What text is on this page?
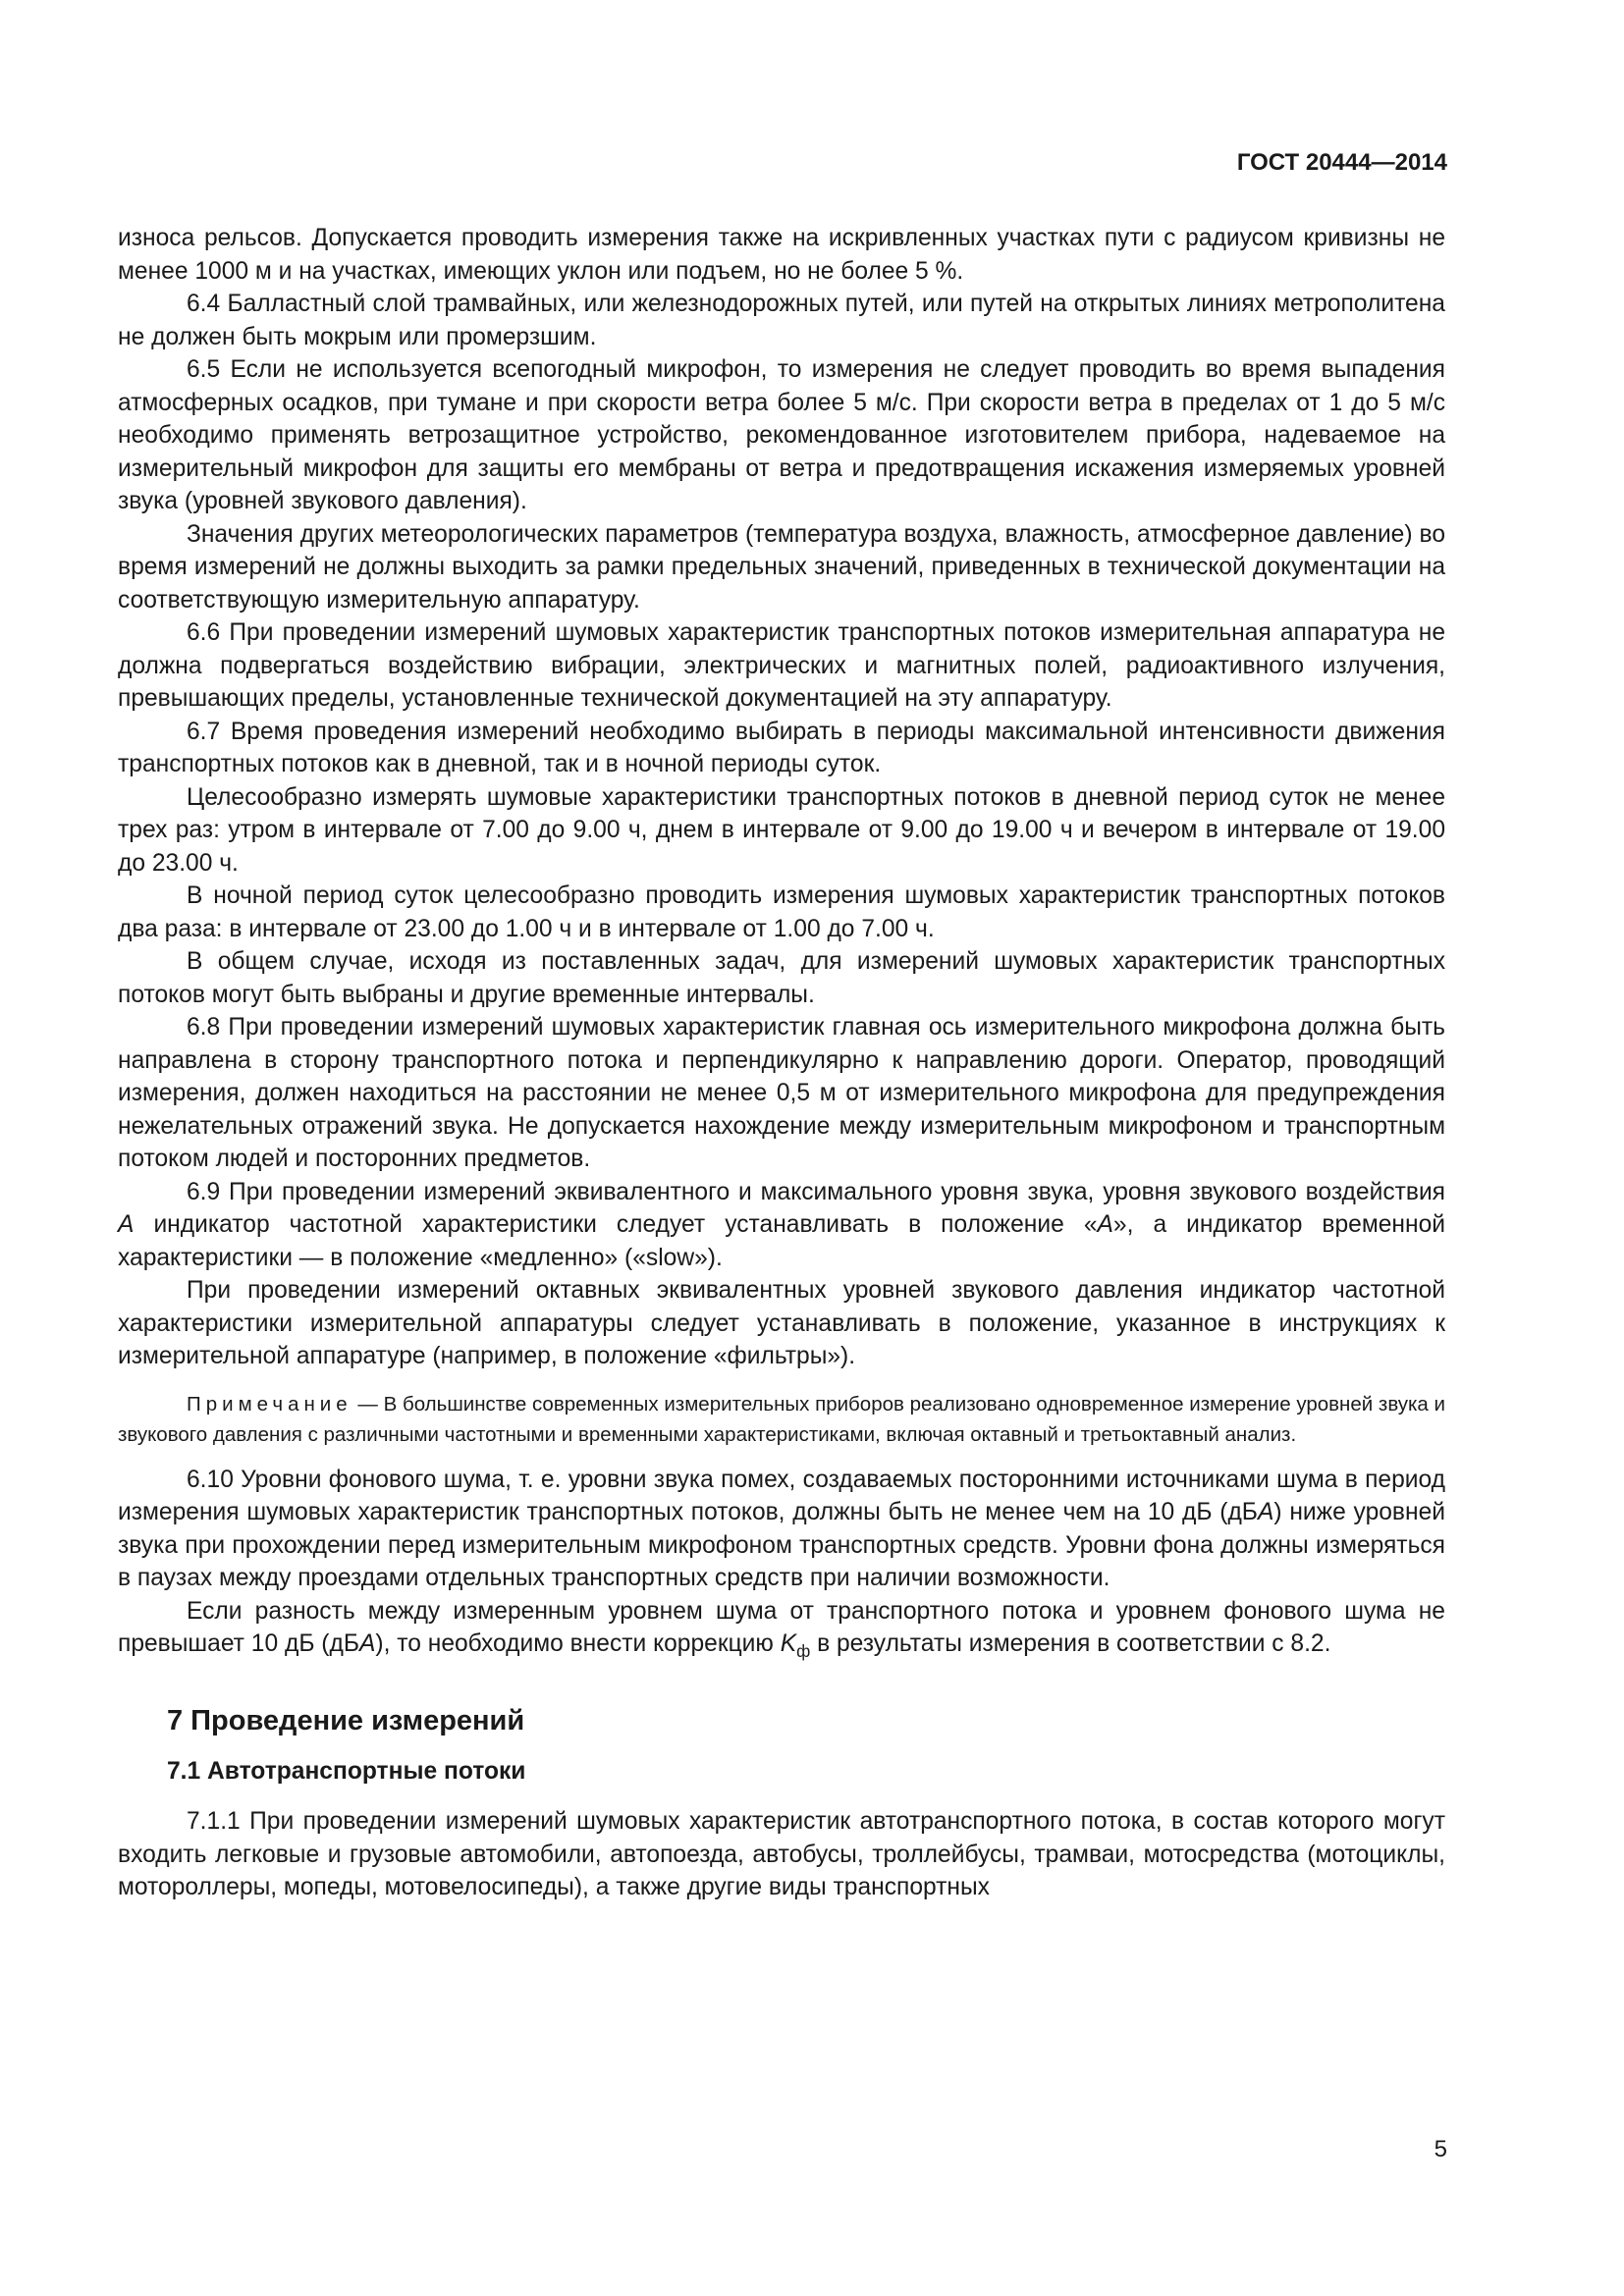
ГОСТ 20444—2014

износа рельсов. Допускается проводить измерения также на искривленных участках пути с радиусом кривизны не менее 1000 м и на участках, имеющих уклон или подъем, но не более 5 %.

6.4 Балластный слой трамвайных, или железнодорожных путей, или путей на открытых линиях метрополитена не должен быть мокрым или промерзшим.

6.5 Если не используется всепогодный микрофон, то измерения не следует проводить во время выпадения атмосферных осадков, при тумане и при скорости ветра более 5 м/с. При скорости ветра в пределах от 1 до 5 м/с необходимо применять ветрозащитное устройство, рекомендованное изготовителем прибора, надеваемое на измерительный микрофон для защиты его мембраны от ветра и предотвращения искажения измеряемых уровней звука (уровней звукового давления).

Значения других метеорологических параметров (температура воздуха, влажность, атмосферное давление) во время измерений не должны выходить за рамки предельных значений, приведенных в технической документации на соответствующую измерительную аппаратуру.

6.6 При проведении измерений шумовых характеристик транспортных потоков измерительная аппаратура не должна подвергаться воздействию вибрации, электрических и магнитных полей, радиоактивного излучения, превышающих пределы, установленные технической документацией на эту аппаратуру.

6.7 Время проведения измерений необходимо выбирать в периоды максимальной интенсивности движения транспортных потоков как в дневной, так и в ночной периоды суток.

Целесообразно измерять шумовые характеристики транспортных потоков в дневной период суток не менее трех раз: утром в интервале от 7.00 до 9.00 ч, днем в интервале от 9.00 до 19.00 ч и вечером в интервале от 19.00 до 23.00 ч.

В ночной период суток целесообразно проводить измерения шумовых характеристик транспортных потоков два раза: в интервале от 23.00 до 1.00 ч и в интервале от 1.00 до 7.00 ч.

В общем случае, исходя из поставленных задач, для измерений шумовых характеристик транспортных потоков могут быть выбраны и другие временные интервалы.

6.8 При проведении измерений шумовых характеристик главная ось измерительного микрофона должна быть направлена в сторону транспортного потока и перпендикулярно к направлению дороги. Оператор, проводящий измерения, должен находиться на расстоянии не менее 0,5 м от измерительного микрофона для предупреждения нежелательных отражений звука. Не допускается нахождение между измерительным микрофоном и транспортным потоком людей и посторонних предметов.

6.9 При проведении измерений эквивалентного и максимального уровня звука, уровня звукового воздействия А индикатор частотной характеристики следует устанавливать в положение «А», а индикатор временной характеристики — в положение «медленно» («slow»).

При проведении измерений октавных эквивалентных уровней звукового давления индикатор частотной характеристики измерительной аппаратуры следует устанавливать в положение, указанное в инструкциях к измерительной аппаратуре (например, в положение «фильтры»).

Примечание — В большинстве современных измерительных приборов реализовано одновременное измерение уровней звука и звукового давления с различными частотными и временными характеристиками, включая октавный и третьоктавный анализ.

6.10 Уровни фонового шума, т. е. уровни звука помех, создаваемых посторонними источниками шума в период измерения шумовых характеристик транспортных потоков, должны быть не менее чем на 10 дБ (дБА) ниже уровней звука при прохождении перед измерительным микрофоном транспортных средств. Уровни фона должны измеряться в паузах между проездами отдельных транспортных средств при наличии возможности.

Если разность между измеренным уровнем шума от транспортного потока и уровнем фонового шума не превышает 10 дБ (дБА), то необходимо внести коррекцию $K_ф$ в результаты измерения в соответствии с 8.2.

7 Проведение измерений
7.1 Автотранспортные потоки

7.1.1 При проведении измерений шумовых характеристик автотранспортного потока, в состав которого могут входить легковые и грузовые автомобили, автопоезда, автобусы, троллейбусы, трамваи, мотосредства (мотоциклы, мотороллеры, мопеды, мотовелосипеды), а также другие виды транспортных

5
